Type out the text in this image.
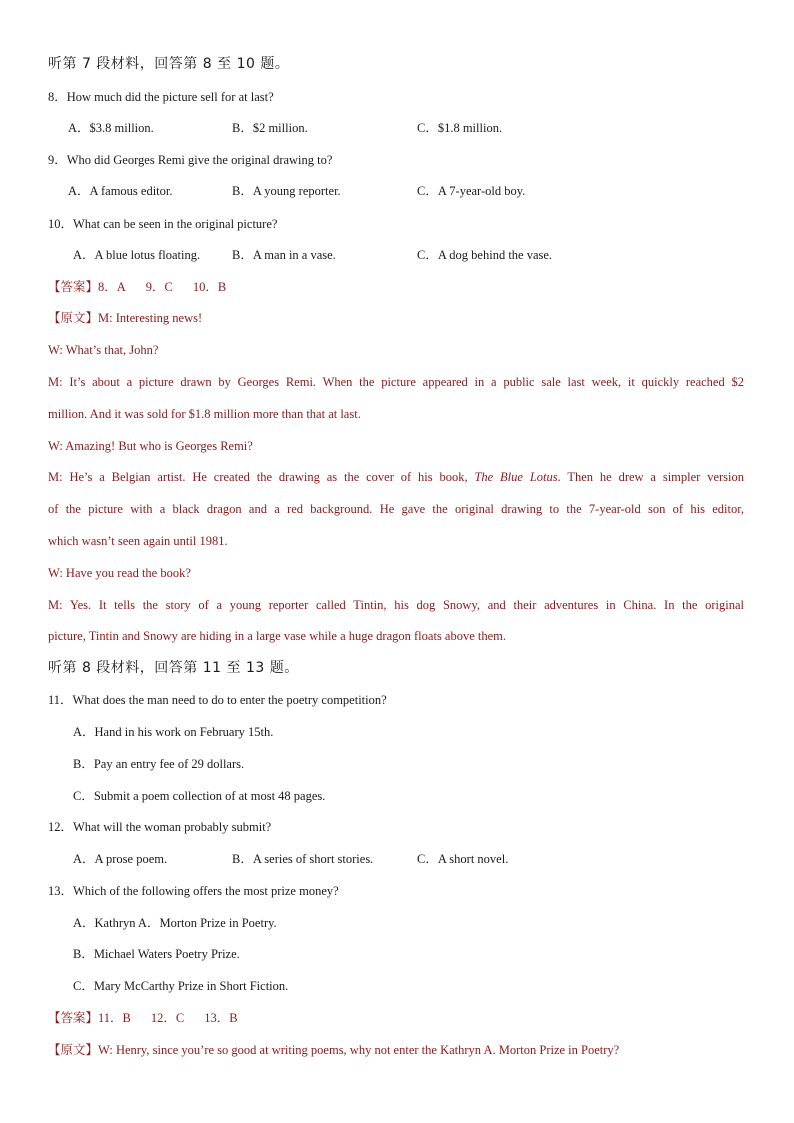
听第 7 段材料，回答第 8 至 10 题。
8．How much did the picture sell for at last?
A．$3.8 million.	B．$2 million.	C．$1.8 million.
9．Who did Georges Remi give the original drawing to?
A．A famous editor.	B．A young reporter.	C．A 7-year-old boy.
10．What can be seen in the original picture?
A．A blue lotus floating.	B．A man in a vase.	C．A dog behind the vase.
【答案】8．A 9．C 10．B
【原文】M: Interesting news!
W: What’s that, John?
M: It’s about a picture drawn by Georges Remi. When the picture appeared in a public sale last week, it quickly reached $2
million. And it was sold for $1.8 million more than that at last.
W: Amazing! But who is Georges Remi?
M: He’s a Belgian artist. He created the drawing as the cover of his book, The Blue Lotus. Then he drew a simpler version
of the picture with a black dragon and a red background. He gave the original drawing to the 7-year-old son of his editor,
which wasn’t seen again until 1981.
W: Have you read the book?
M: Yes. It tells the story of a young reporter called Tintin, his dog Snowy, and their adventures in China. In the original
picture, Tintin and Snowy are hiding in a large vase while a huge dragon floats above them.
听第 8 段材料，回答第 11 至 13 题。
11．What does the man need to do to enter the poetry competition?
A．Hand in his work on February 15th.
B．Pay an entry fee of 29 dollars.
C．Submit a poem collection of at most 48 pages.
12．What will the woman probably submit?
A．A prose poem.	B．A series of short stories.	C．A short novel.
13．Which of the following offers the most prize money?
A．Kathryn A．Morton Prize in Poetry.
B．Michael Waters Poetry Prize.
C．Mary McCarthy Prize in Short Fiction.
【答案】11．B 12．C 13．B
【原文】W: Henry, since you’re so good at writing poems, why not enter the Kathryn A. Morton Prize in Poetry?
